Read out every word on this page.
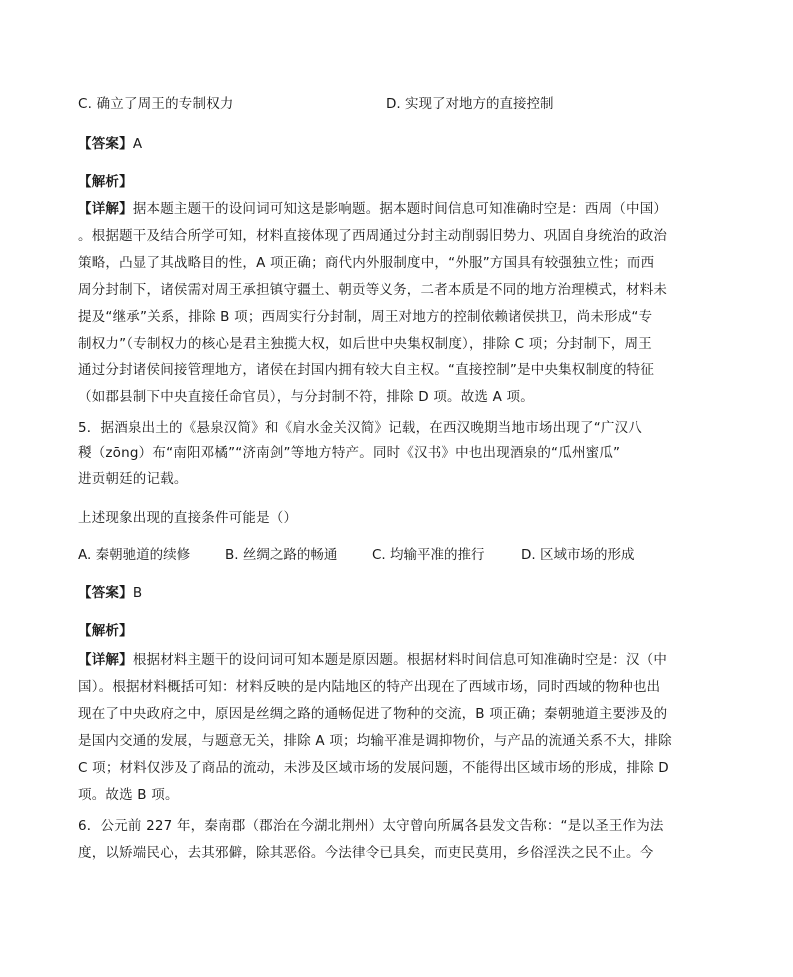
C. 确立了周王的专制权力	D. 实现了对地方的直接控制
【答案】A
【解析】
【详解】据本题主题干的设问词可知这是影响题。据本题时间信息可知准确时空是：西周（中国）
。根据题干及结合所学可知，材料直接体现了西周通过分封主动削弱旧势力、巩固自身统治的政治
策略，凸显了其战略目的性，A 项正确；商代内外服制度中，“外服”方国具有较强独立性；而西
周分封制下，诸侯需对周王承担镇守疆土、朝贡等义务，二者本质是不同的地方治理模式，材料未
提及“继承”关系，排除 B 项；西周实行分封制，周王对地方的控制依赖诸侯拱卫，尚未形成“专
制权力”（专制权力的核心是君主独揽大权，如后世中央集权制度），排除 C 项；分封制下，周王
通过分封诸侯间接管理地方，诸侯在封国内拥有较大自主权。“直接控制”是中央集权制度的特征
（如郡县制下中央直接任命官员），与分封制不符，排除 D 项。故选 A 项。
5．据酒泉出土的《悬泉汉简》和《肩水金关汉简》记载，在西汉晚期当地市场出现了“广汉八
稯（zōng）布“南阳邓橘”“济南剑”等地方特产。同时《汉书》中也出现酒泉的“瓜州蜜瓜”
进贡朝廷的记载。
上述现象出现的直接条件可能是（）
A. 秦朝驰道的续修	B. 丝绸之路的畅通	C. 均输平准的推行	D. 区域市场的形成
【答案】B
【解析】
【详解】根据材料主题干的设问词可知本题是原因题。根据材料时间信息可知准确时空是：汉（中
国）。根据材料概括可知：材料反映的是内陆地区的特产出现在了西域市场，同时西域的物种也出
现在了中央政府之中，原因是丝绸之路的通畅促进了物种的交流，B 项正确；秦朝驰道主要涉及的
是国内交通的发展，与题意无关，排除 A 项；均输平准是调抑物价，与产品的流通关系不大，排除
C 项；材料仅涉及了商品的流动，未涉及区域市场的发展问题，不能得出区域市场的形成，排除 D
项。故选 B 项。
6．公元前 227 年，秦南郡（郡治在今湖北荆州）太守曾向所属各县发文告称：“是以圣王作为法
度，以矫端民心，去其邪僻，除其恶俗。今法律令已具矣，而吏民莫用，乡俗淫泆之民不止。今
